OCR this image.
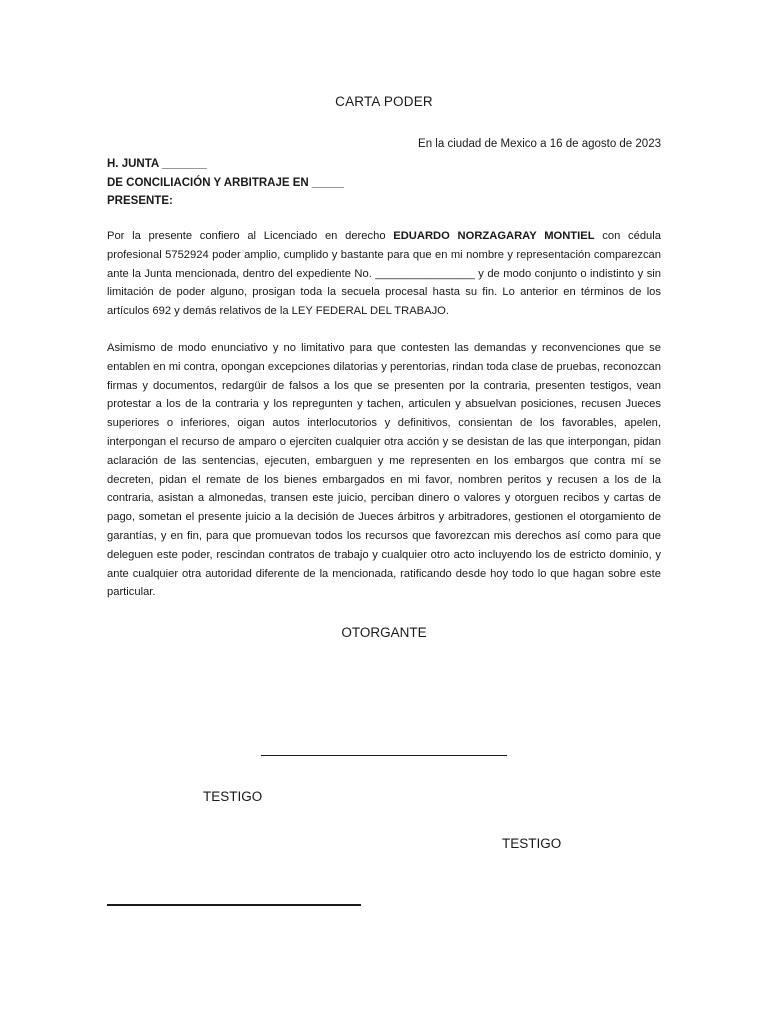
CARTA PODER
En la ciudad de Mexico a 16 de agosto de 2023
H. JUNTA _______
DE CONCILIACIÓN Y ARBITRAJE EN _____
PRESENTE:

Por la presente confiero al Licenciado en derecho EDUARDO NORZAGARAY MONTIEL con cédula profesional 5752924 poder amplio, cumplido y bastante para que en mi nombre y representación comparezcan ante la Junta mencionada, dentro del expediente No. ________________ y de modo conjunto o indistinto y sin limitación de poder alguno, prosigan toda la secuela procesal hasta su fin. Lo anterior en términos de los artículos 692 y demás relativos de la LEY FEDERAL DEL TRABAJO.

Asimismo de modo enunciativo y no limitativo para que contesten las demandas y reconvenciones que se entablen en mi contra, opongan excepciones dilatorias y perentorias, rindan toda clase de pruebas, reconozcan firmas y documentos, redargüir de falsos a los que se presenten por la contraria, presenten testigos, vean protestar a los de la contraria y los repregunten y tachen, articulen y absuelvan posiciones, recusen Jueces superiores o inferiores, oigan autos interlocutorios y definitivos, consientan de los favorables, apelen, interpongan el recurso de amparo o ejerciten cualquier otra acción y se desistan de las que interpongan, pidan aclaración de las sentencias, ejecuten, embarguen y me representen en los embargos que contra mí se decreten, pidan el remate de los bienes embargados en mi favor, nombren peritos y recusen a los de la contraria, asistan a almonedas, transen este juicio, perciban dinero o valores y otorguen recibos y cartas de pago, sometan el presente juicio a la decisión de Jueces árbitros y arbitradores, gestionen el otorgamiento de garantías, y en fin, para que promuevan todos los recursos que favorezcan mis derechos así como para que deleguen este poder, rescindan contratos de trabajo y cualquier otro acto incluyendo los de estricto dominio, y ante cualquier otra autoridad diferente de la mencionada, ratificando desde hoy todo lo que hagan sobre este particular.

OTORGANTE
TESTIGO
TESTIGO
